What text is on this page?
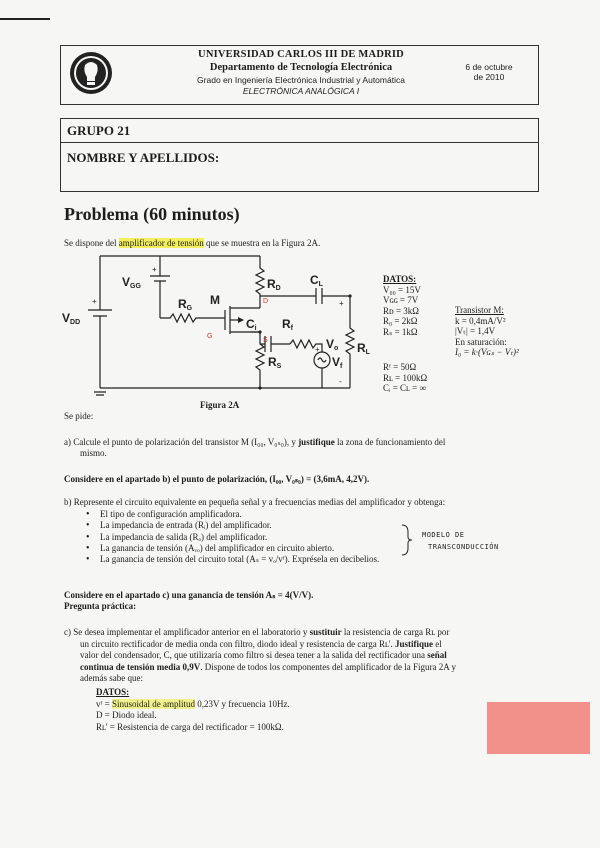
UNIVERSIDAD CARLOS III DE MADRID
Departamento de Tecnología Electrónica
Grado en Ingeniería Electrónica Industrial y Automática
ELECTRÓNICA ANALÓGICA I
6 de octubre
de 2010
GRUPO 21
NOMBRE Y APELLIDOS:
Problema (60 minutos)
Se dispone del amplificador de tensión que se muestra en la Figura 2A.
VDD
VGG	RD
RG
M
Ci Rf
CL
RS
Vo RL
Vf
+
+
+
-
+
D
G
S
Figura 2A
DATOS:
V₀₀ = 15V
Vɢɢ = 7V
Rᴅ = 3kΩ
R₀ = 2kΩ
Rₛ = 1kΩ
Rᶠ = 50Ω
Rʟ = 100kΩ
Cᵢ = Cʟ = ∞
Transistor M:
k = 0,4mA/V²
|Vₜ| = 1,4V
En saturación:
I₀ = k·(Vɢₛ − Vₜ)²
Se pide:
a) Calcule el punto de polarización del transistor M (I₀₀, V₀ₛ₀), y justifique la zona de funcionamiento del
mismo.
Considere en el apartado b) el punto de polarización, (I₀₀, V₀ₛ₀) = (3,6mA, 4,2V).
b) Represente el circuito equivalente en pequeña señal y a frecuencias medias del amplificador y obtenga:
• El tipo de configuración amplificadora.
• La impedancia de entrada (Rᵢ) del amplificador.
• La impedancia de salida (Rₒ) del amplificador.
• La ganancia de tensión (Aᵥₒ) del amplificador en circuito abierto.
• La ganancia de tensión del circuito total (Aₛ = vₒ/vᶠ). Exprésela en decibelios.
MODELO DE
TRANSCONDUCCIÓN
Considere en el apartado c) una ganancia de tensión Aₛ = 4(V/V).
Pregunta práctica:
c) Se desea implementar el amplificador anterior en el laboratorio y sustituir la resistencia de carga Rʟ por
un circuito rectificador de media onda con filtro, diodo ideal y resistencia de carga Rʟ'. Justifique el
valor del condensador, C, que utilizaría como filtro si desea tener a la salida del rectificador una señal
continua de tensión media 0,9V. Dispone de todos los componentes del amplificador de la Figura 2A y
además sabe que:
DATOS:
vᶠ = Sinusoidal de amplitud 0,23V y frecuencia 10Hz.
D = Diodo ideal.
Rʟ' = Resistencia de carga del rectificador = 100kΩ.
